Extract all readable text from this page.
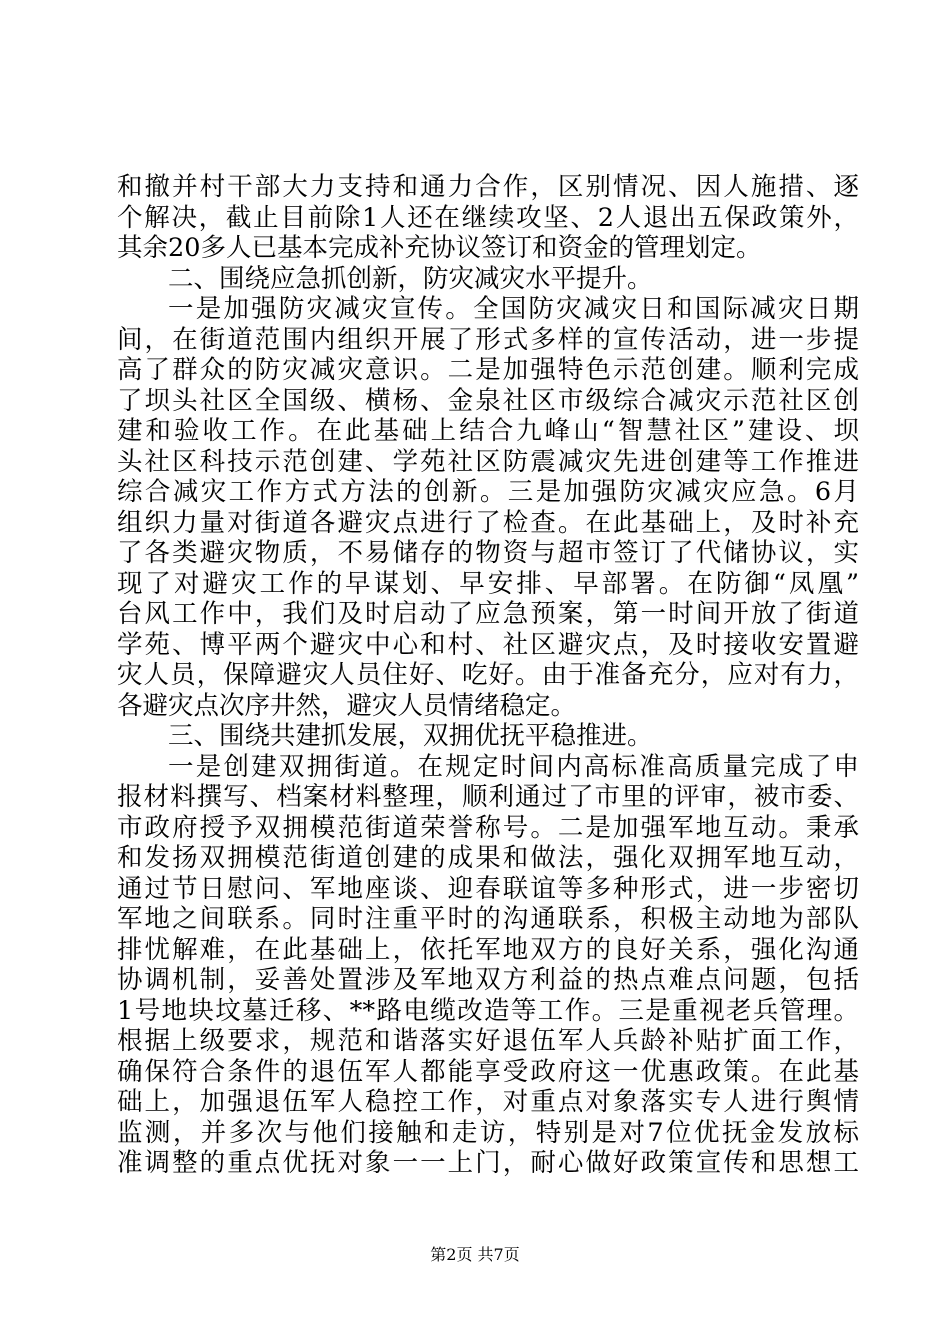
和撤并村干部大力支持和通力合作，区别情况、因人施措、逐
个解决，截止目前除1人还在继续攻坚、2人退出五保政策外，
其余20多人已基本完成补充协议签订和资金的管理划定。
二、围绕应急抓创新，防灾减灾水平提升。
一是加强防灾减灾宣传。全国防灾减灾日和国际减灾日期
间，在街道范围内组织开展了形式多样的宣传活动，进一步提
高了群众的防灾减灾意识。二是加强特色示范创建。顺利完成
了坝头社区全国级、横杨、金泉社区市级综合减灾示范社区创
建和验收工作。在此基础上结合九峰山“智慧社区”建设、坝
头社区科技示范创建、学苑社区防震减灾先进创建等工作推进
综合减灾工作方式方法的创新。三是加强防灾减灾应急。6月
组织力量对街道各避灾点进行了检查。在此基础上，及时补充
了各类避灾物质，不易储存的物资与超市签订了代储协议，实
现了对避灾工作的早谋划、早安排、早部署。在防御“凤凰”
台风工作中，我们及时启动了应急预案，第一时间开放了街道
学苑、博平两个避灾中心和村、社区避灾点，及时接收安置避
灾人员，保障避灾人员住好、吃好。由于准备充分，应对有力，
各避灾点次序井然，避灾人员情绪稳定。
三、围绕共建抓发展，双拥优抚平稳推进。
一是创建双拥街道。在规定时间内高标准高质量完成了申
报材料撰写、档案材料整理，顺利通过了市里的评审，被市委、
市政府授予双拥模范街道荣誉称号。二是加强军地互动。秉承
和发扬双拥模范街道创建的成果和做法，强化双拥军地互动，
通过节日慰问、军地座谈、迎春联谊等多种形式，进一步密切
军地之间联系。同时注重平时的沟通联系，积极主动地为部队
排忧解难，在此基础上，依托军地双方的良好关系，强化沟通
协调机制，妥善处置涉及军地双方利益的热点难点问题，包括
1号地块坟墓迁移、**路电缆改造等工作。三是重视老兵管理。
根据上级要求，规范和谐落实好退伍军人兵龄补贴扩面工作，
确保符合条件的退伍军人都能享受政府这一优惠政策。在此基
础上，加强退伍军人稳控工作，对重点对象落实专人进行舆情
监测，并多次与他们接触和走访，特别是对7位优抚金发放标
准调整的重点优抚对象一一上门，耐心做好政策宣传和思想工
第2页 共7页
